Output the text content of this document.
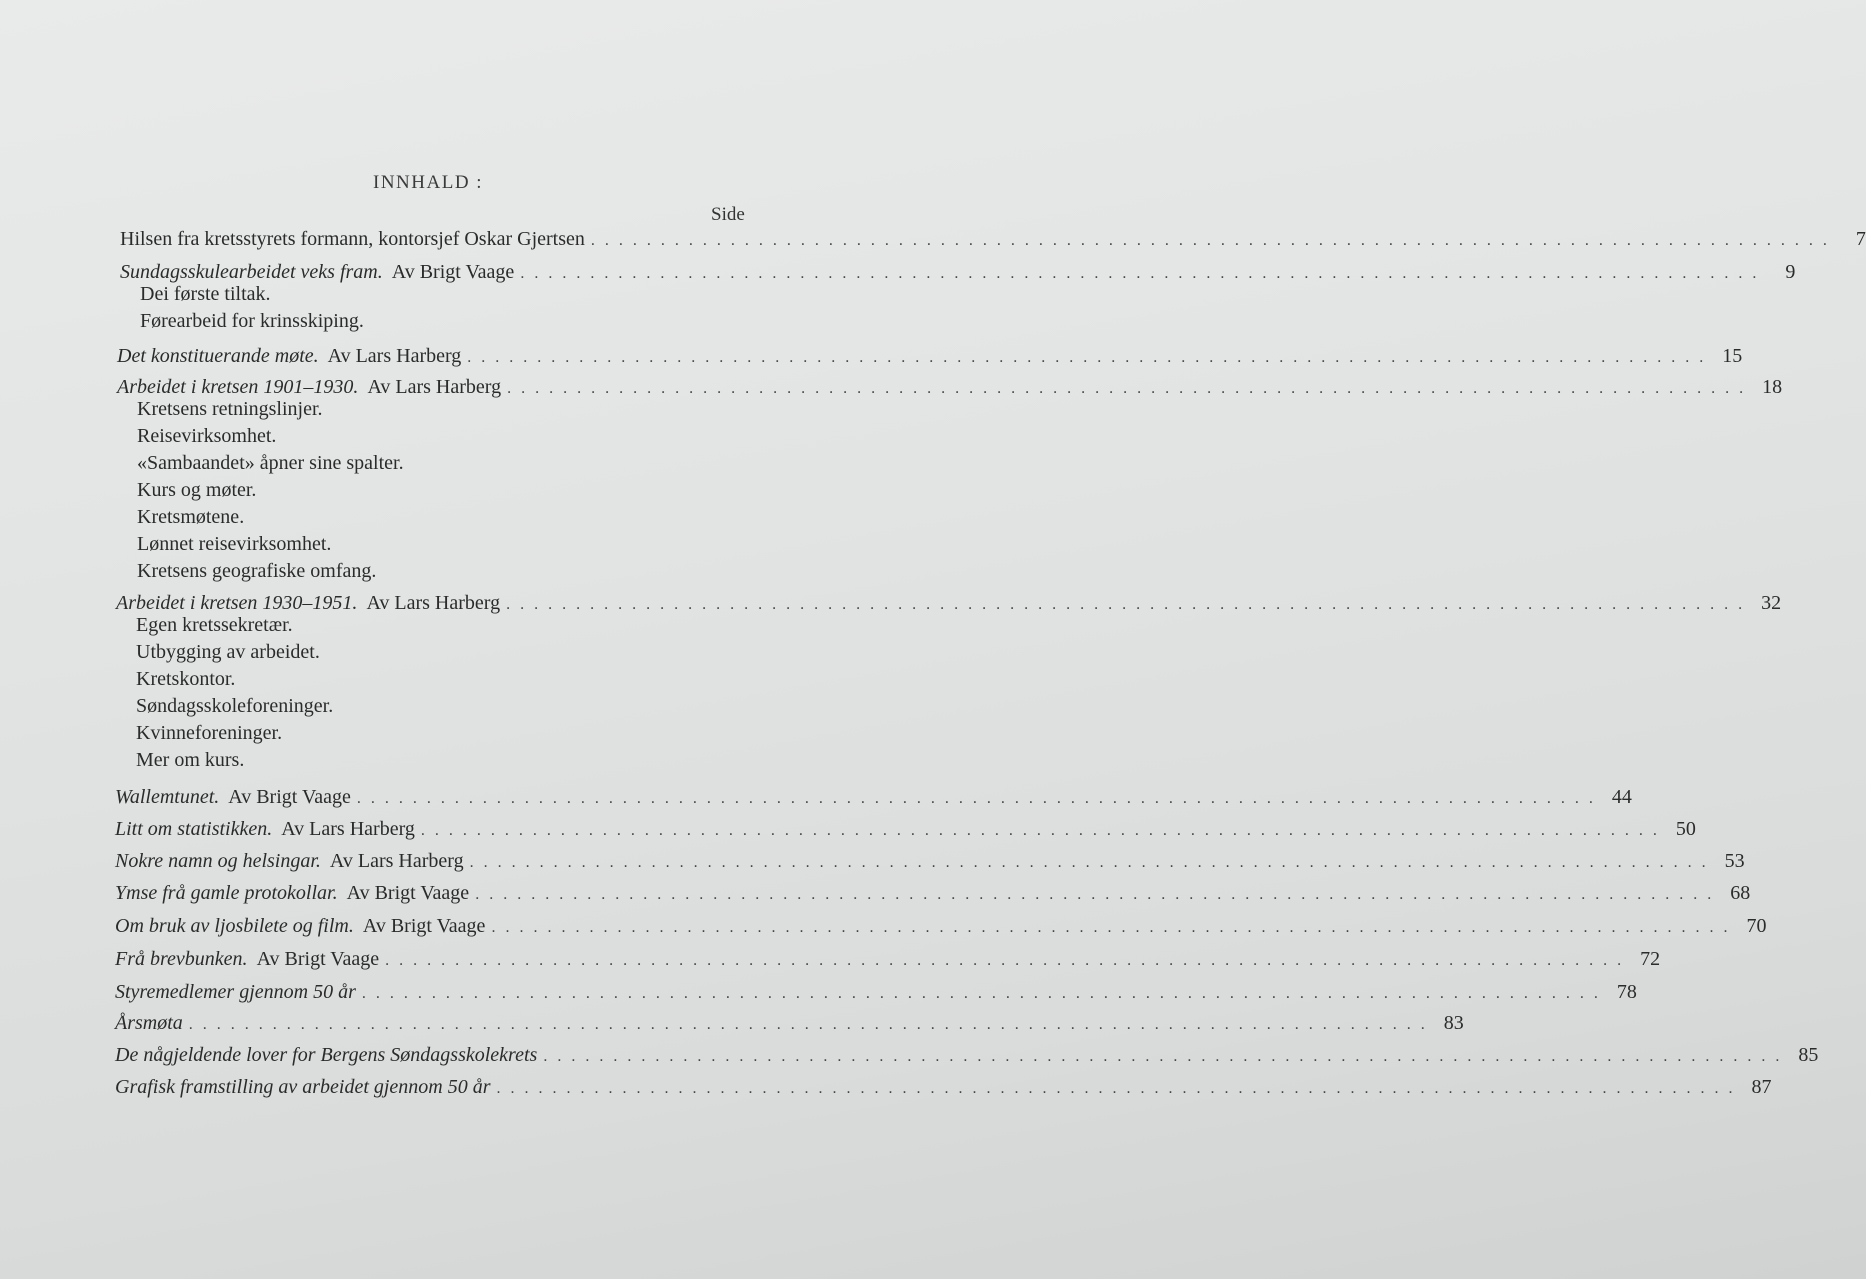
INNHALD :
Side
Hilsen fra kretsstyrets formann, kontorsjef Oskar Gjertsen . . . . . . . . . . . . . . . . . . . . . . . . . . . . . . . . . . . . . . . . . . . . . . . . . . . . . . . . . . . . . . . . . . . . . . . . . . . . . . . . . . . . . . . . .	7
Sundagsskulearbeidet veks fram. Av Brigt Vaage . . . . . . . . . . . . . . . . . . . . . . . . . . . . . . . . . . . . . . . . . . . . . . . . . . . . . . . . . . . . . . . . . . . . . . . . . . . . . . . . . . . . . . . . .	9
Dei første tiltak.
Førearbeid for krinsskiping.
Det konstituerande møte. Av Lars Harberg . . . . . . . . . . . . . . . . . . . . . . . . . . . . . . . . . . . . . . . . . . . . . . . . . . . . . . . . . . . . . . . . . . . . . . . . . . . . . . . . . . . . . . . . . 15
Arbeidet i kretsen 1901–1930. Av Lars Harberg . . . . . . . . . . . . . . . . . . . . . . . . . . . . . . . . . . . . . . . . . . . . . . . . . . . . . . . . . . . . . . . . . . . . . . . . . . . . . . . . . . . . . . . . . 18
Kretsens retningslinjer.
Reisevirksomhet.
«Sambaandet» åpner sine spalter.
Kurs og møter.
Kretsmøtene.
Lønnet reisevirksomhet.
Kretsens geografiske omfang.
Arbeidet i kretsen 1930–1951. Av Lars Harberg . . . . . . . . . . . . . . . . . . . . . . . . . . . . . . . . . . . . . . . . . . . . . . . . . . . . . . . . . . . . . . . . . . . . . . . . . . . . . . . . . . . . . . . . . 32
Egen kretssekretær.
Utbygging av arbeidet.
Kretskontor.
Søndagsskoleforeninger.
Kvinneforeninger.
Mer om kurs.
Wallemtunet. Av Brigt Vaage . . . . . . . . . . . . . . . . . . . . . . . . . . . . . . . . . . . . . . . . . . . . . . . . . . . . . . . . . . . . . . . . . . . . . . . . . . . . . . . . . . . . . . . . . 44
Litt om statistikken. Av Lars Harberg . . . . . . . . . . . . . . . . . . . . . . . . . . . . . . . . . . . . . . . . . . . . . . . . . . . . . . . . . . . . . . . . . . . . . . . . . . . . . . . . . . . . . . . . . 50
Nokre namn og helsingar. Av Lars Harberg . . . . . . . . . . . . . . . . . . . . . . . . . . . . . . . . . . . . . . . . . . . . . . . . . . . . . . . . . . . . . . . . . . . . . . . . . . . . . . . . . . . . . . . . . 53
Ymse frå gamle protokollar. Av Brigt Vaage . . . . . . . . . . . . . . . . . . . . . . . . . . . . . . . . . . . . . . . . . . . . . . . . . . . . . . . . . . . . . . . . . . . . . . . . . . . . . . . . . . . . . . . . . 68
Om bruk av ljosbilete og film. Av Brigt Vaage . . . . . . . . . . . . . . . . . . . . . . . . . . . . . . . . . . . . . . . . . . . . . . . . . . . . . . . . . . . . . . . . . . . . . . . . . . . . . . . . . . . . . . . . . 70
Frå brevbunken. Av Brigt Vaage . . . . . . . . . . . . . . . . . . . . . . . . . . . . . . . . . . . . . . . . . . . . . . . . . . . . . . . . . . . . . . . . . . . . . . . . . . . . . . . . . . . . . . . . . 72
Styremedlemer gjennom 50 år . . . . . . . . . . . . . . . . . . . . . . . . . . . . . . . . . . . . . . . . . . . . . . . . . . . . . . . . . . . . . . . . . . . . . . . . . . . . . . . . . . . . . . . . . 78
Årsmøta . . . . . . . . . . . . . . . . . . . . . . . . . . . . . . . . . . . . . . . . . . . . . . . . . . . . . . . . . . . . . . . . . . . . . . . . . . . . . . . . . . . . . . . . . 83
De någjeldende lover for Bergens Søndagsskolekrets . . . . . . . . . . . . . . . . . . . . . . . . . . . . . . . . . . . . . . . . . . . . . . . . . . . . . . . . . . . . . . . . . . . . . . . . . . . . . . . . . . . . . . . . . 85
Grafisk framstilling av arbeidet gjennom 50 år . . . . . . . . . . . . . . . . . . . . . . . . . . . . . . . . . . . . . . . . . . . . . . . . . . . . . . . . . . . . . . . . . . . . . . . . . . . . . . . . . . . . . . . . . 87
